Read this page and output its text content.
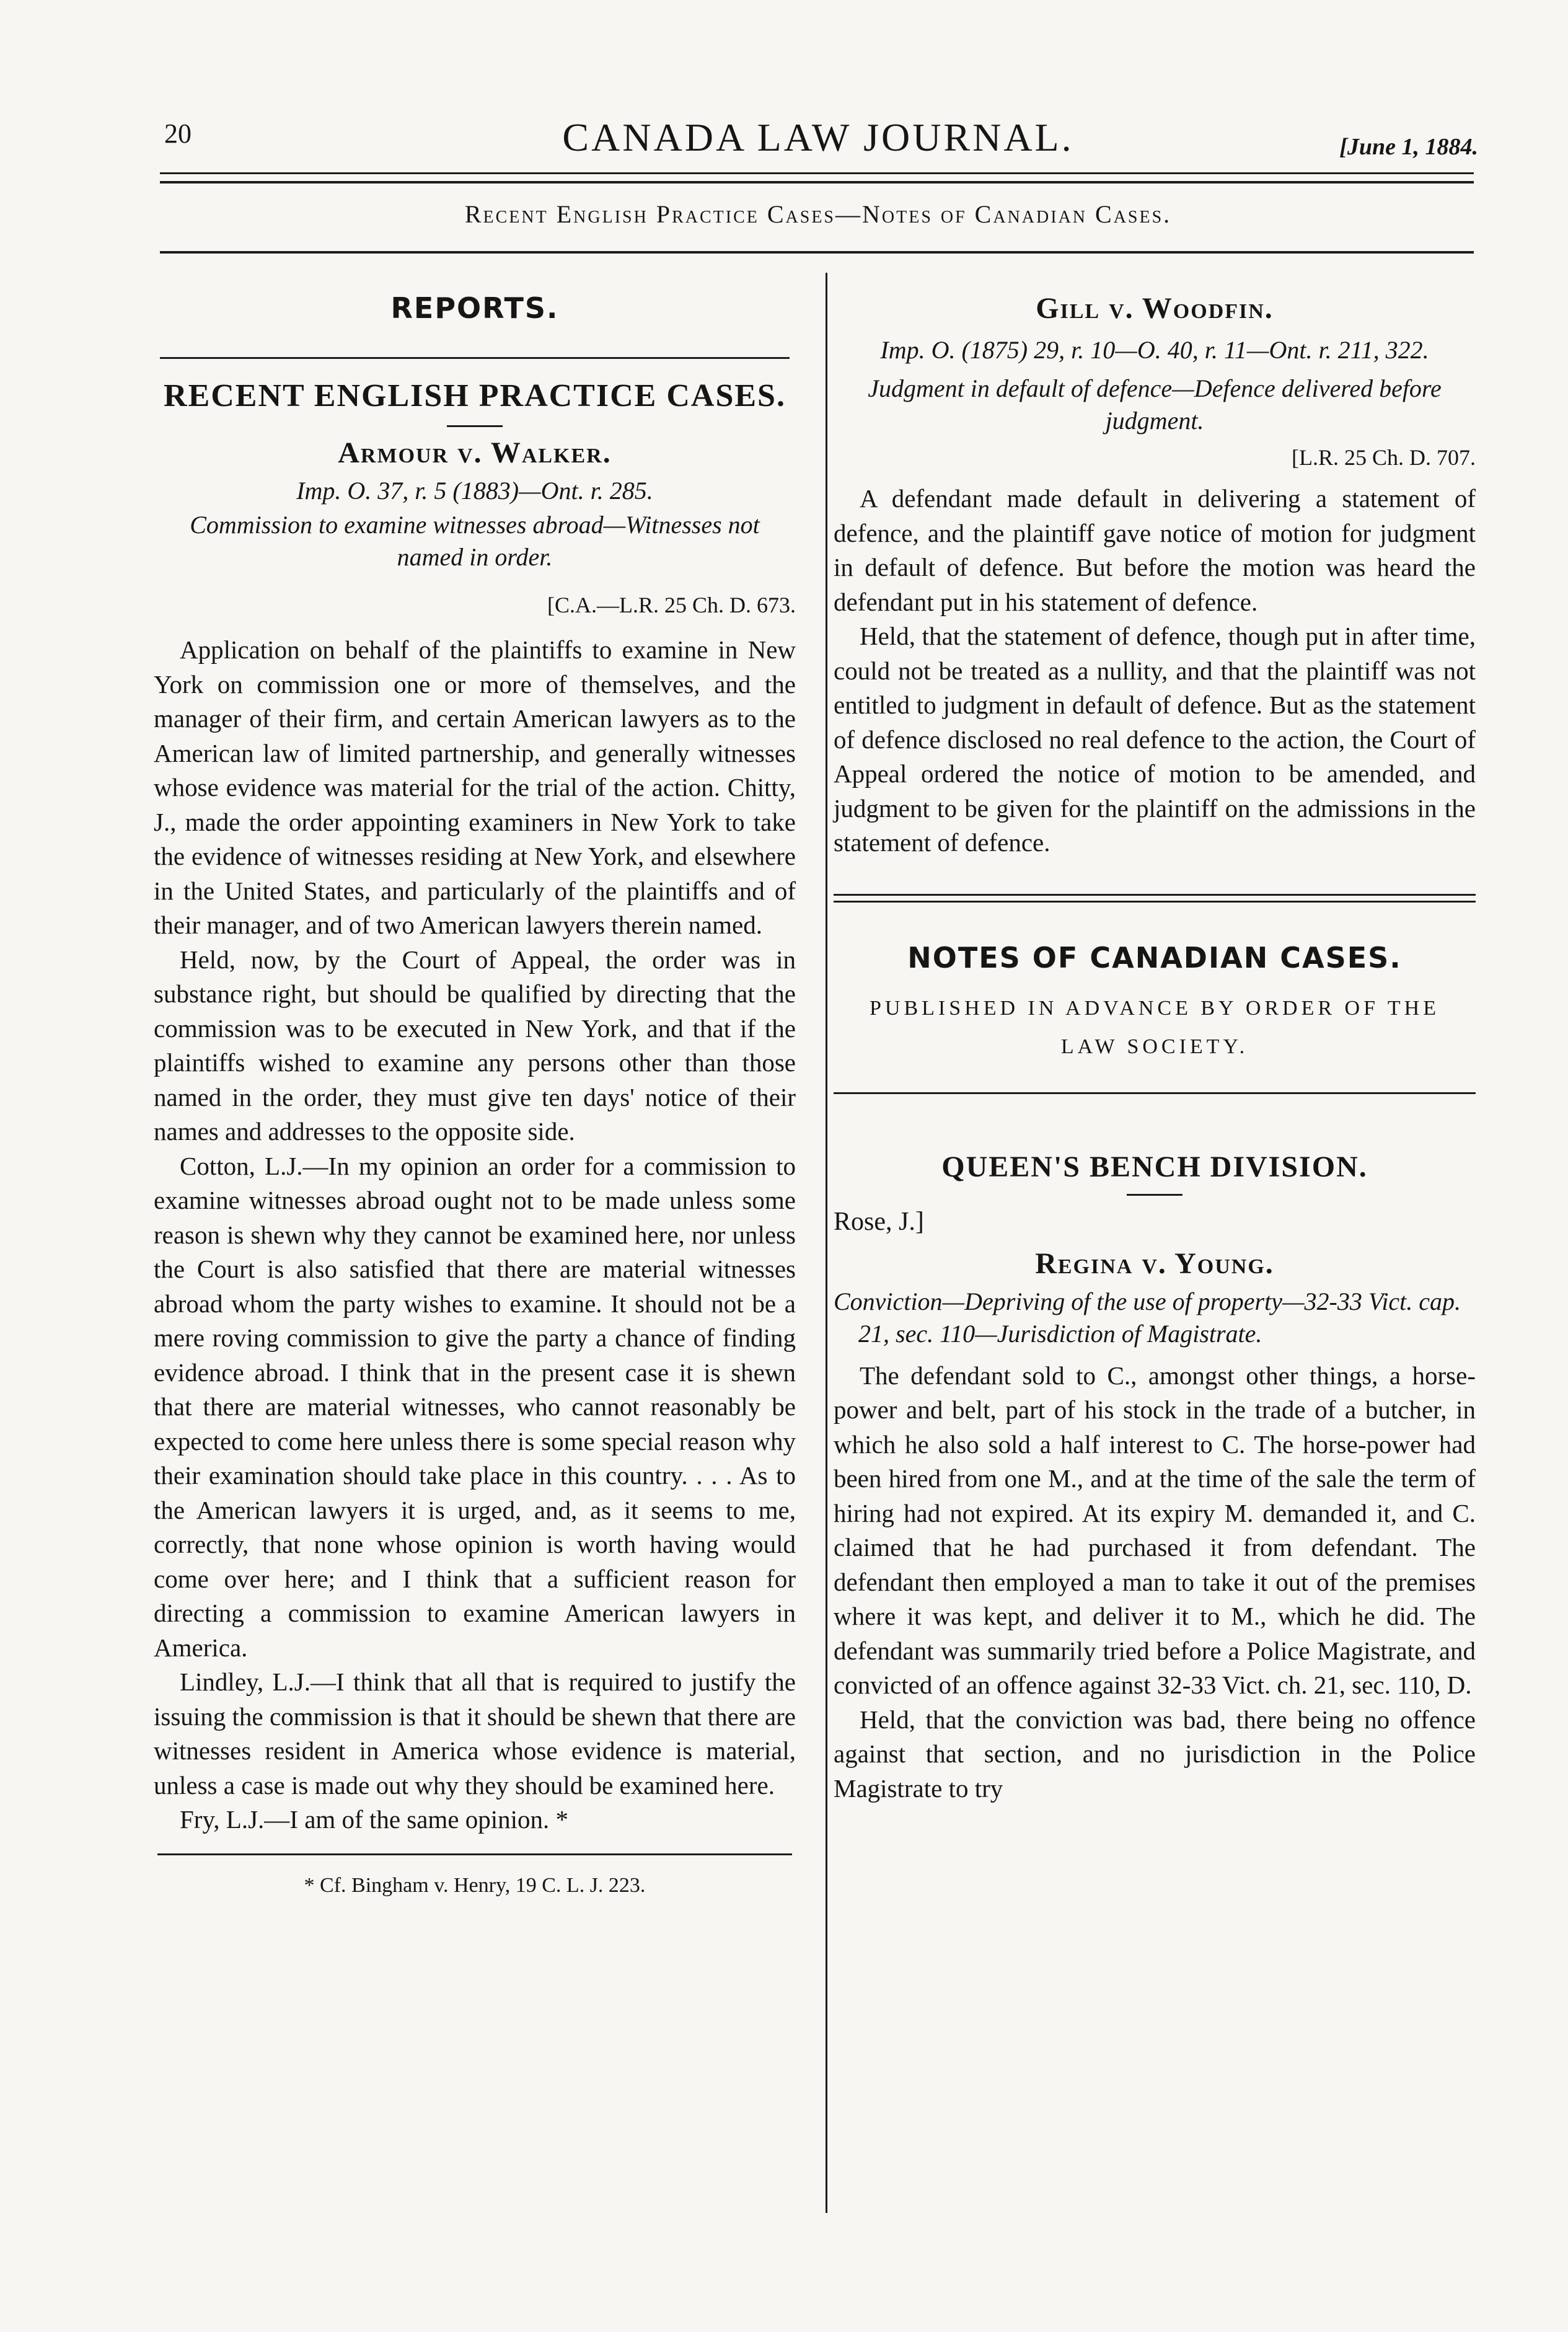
20	CANADA LAW JOURNAL.	[June 1, 1884.
Recent English Practice Cases—Notes of Canadian Cases.
REPORTS.
RECENT ENGLISH PRACTICE CASES.
Armour v. Walker.

Imp. O. 37, r. 5 (1883)—Ont. r. 285.

Commission to examine witnesses abroad—Witnesses not named in order.

[C.A.—L.R. 25 Ch. D. 673.

Application on behalf of the plaintiffs to examine in New York on commission one or more of themselves, and the manager of their firm, and certain American lawyers as to the American law of limited partnership, and generally witnesses whose evidence was material for the trial of the action. Chitty, J., made the order appointing examiners in New York to take the evidence of witnesses residing at New York, and elsewhere in the United States, and particularly of the plaintiffs and of their manager, and of two American lawyers therein named.

Held, now, by the Court of Appeal, the order was in substance right, but should be qualified by directing that the commission was to be executed in New York, and that if the plaintiffs wished to examine any persons other than those named in the order, they must give ten days' notice of their names and addresses to the opposite side.

Cotton, L.J.—In my opinion an order for a commission to examine witnesses abroad ought not to be made unless some reason is shewn why they cannot be examined here, nor unless the Court is also satisfied that there are material witnesses abroad whom the party wishes to examine. It should not be a mere roving commission to give the party a chance of finding evidence abroad. I think that in the present case it is shewn that there are material witnesses, who cannot reasonably be expected to come here unless there is some special reason why their examination should take place in this country. . . . As to the American lawyers it is urged, and, as it seems to me, correctly, that none whose opinion is worth having would come over here; and I think that a sufficient reason for directing a commission to examine American lawyers in America.

Lindley, L.J.—I think that all that is required to justify the issuing the commission is that it should be shewn that there are witnesses resident in America whose evidence is material, unless a case is made out why they should be examined here.

Fry, L.J.—I am of the same opinion. *

* Cf. Bingham v. Henry, 19 C. L. J. 223.

Gill v. Woodfin.

Imp. O. (1875) 29, r. 10—O. 40, r. 11—Ont. r. 211, 322.

Judgment in default of defence—Defence delivered before judgment.

[L.R. 25 Ch. D. 707.

A defendant made default in delivering a statement of defence, and the plaintiff gave notice of motion for judgment in default of defence. But before the motion was heard the defendant put in his statement of defence.

Held, that the statement of defence, though put in after time, could not be treated as a nullity, and that the plaintiff was not entitled to judgment in default of defence. But as the statement of defence disclosed no real defence to the action, the Court of Appeal ordered the notice of motion to be amended, and judgment to be given for the plaintiff on the admissions in the statement of defence.

NOTES OF CANADIAN CASES.

PUBLISHED IN ADVANCE BY ORDER OF THE

LAW SOCIETY.

QUEEN'S BENCH DIVISION.

Rose, J.]

Regina v. Young.

Conviction—Depriving of the use of property—32-33 Vict. cap. 21, sec. 110—Jurisdiction of Magistrate.

The defendant sold to C., amongst other things, a horse-power and belt, part of his stock in the trade of a butcher, in which he also sold a half interest to C. The horse-power had been hired from one M., and at the time of the sale the term of hiring had not expired. At its expiry M. demanded it, and C. claimed that he had purchased it from defendant. The defendant then employed a man to take it out of the premises where it was kept, and deliver it to M., which he did. The defendant was summarily tried before a Police Magistrate, and convicted of an offence against 32-33 Vict. ch. 21, sec. 110, D.

Held, that the conviction was bad, there being no offence against that section, and no jurisdiction in the Police Magistrate to try
